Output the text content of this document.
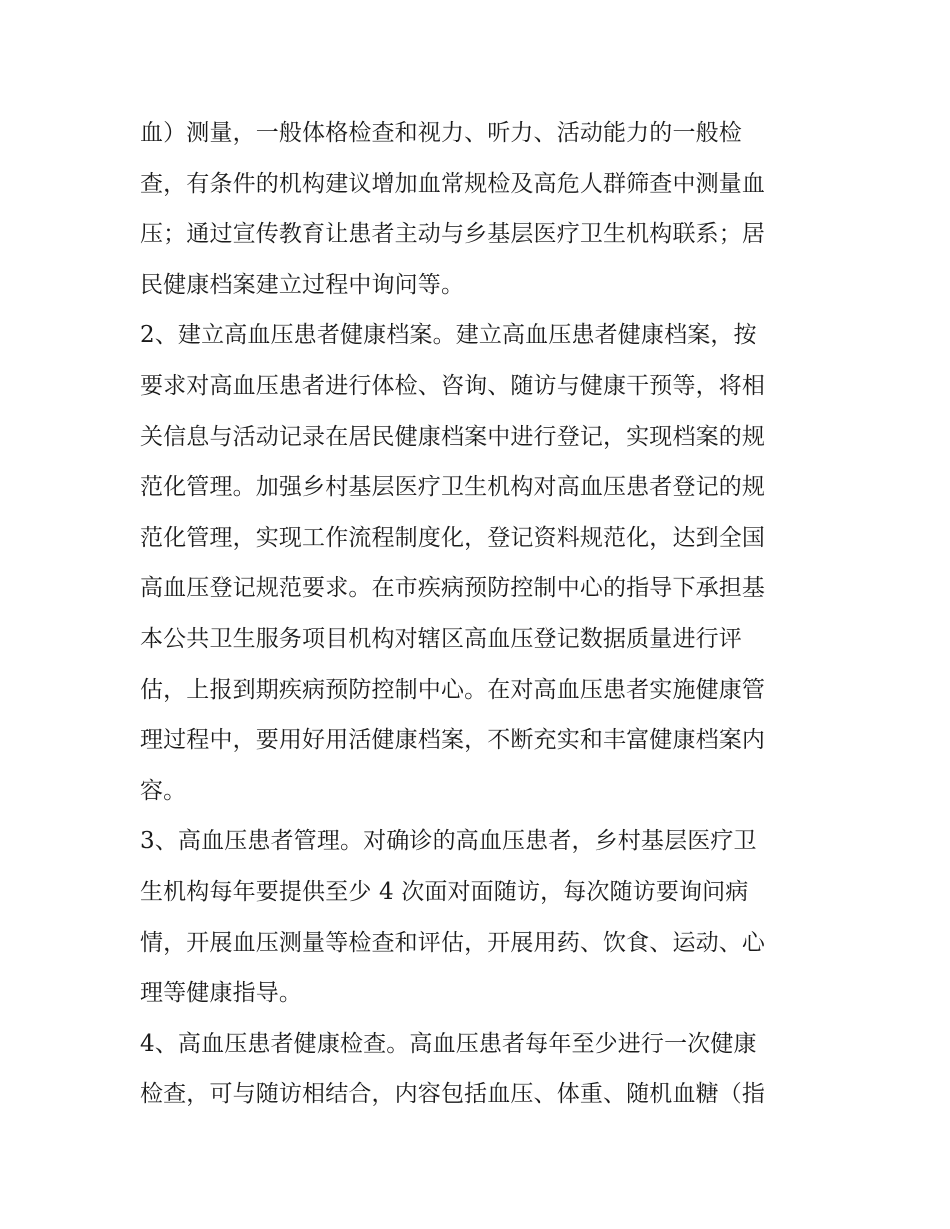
血）测量，一般体格检查和视力、听力、活动能力的一般检
查，有条件的机构建议增加血常规检及高危人群筛查中测量血
压；通过宣传教育让患者主动与乡基层医疗卫生机构联系；居
民健康档案建立过程中询问等。
2、建立高血压患者健康档案。建立高血压患者健康档案，按
要求对高血压患者进行体检、咨询、随访与健康干预等，将相
关信息与活动记录在居民健康档案中进行登记，实现档案的规
范化管理。加强乡村基层医疗卫生机构对高血压患者登记的规
范化管理，实现工作流程制度化，登记资料规范化，达到全国
高血压登记规范要求。在市疾病预防控制中心的指导下承担基
本公共卫生服务项目机构对辖区高血压登记数据质量进行评
估，上报到期疾病预防控制中心。在对高血压患者实施健康管
理过程中，要用好用活健康档案，不断充实和丰富健康档案内
容。
3、高血压患者管理。对确诊的高血压患者，乡村基层医疗卫
生机构每年要提供至少 4 次面对面随访，每次随访要询问病
情，开展血压测量等检查和评估，开展用药、饮食、运动、心
理等健康指导。
4、高血压患者健康检查。高血压患者每年至少进行一次健康
检查，可与随访相结合，内容包括血压、体重、随机血糖（指
